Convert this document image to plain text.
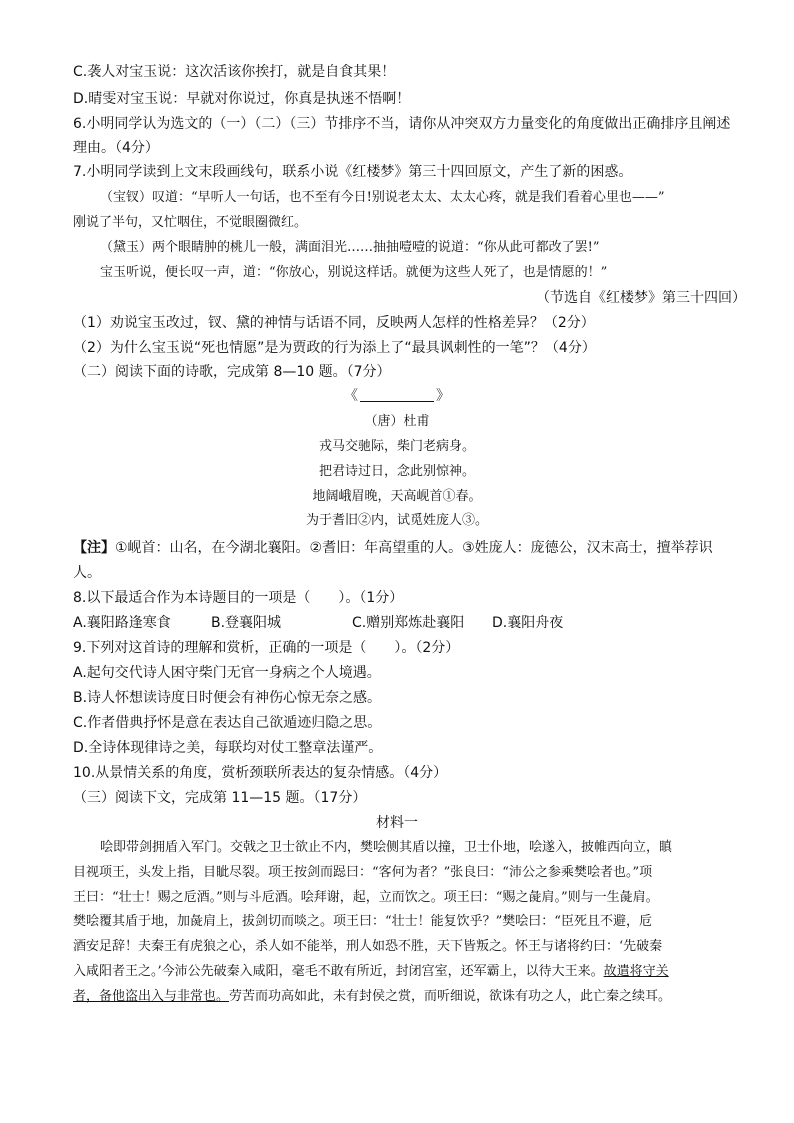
C.袭人对宝玉说：这次活该你挨打，就是自食其果！
D.晴雯对宝玉说：早就对你说过，你真是执迷不悟啊！
6.小明同学认为选文的（一）（二）（三）节排序不当，请你从冲突双方力量变化的角度做出正确排序且阐述
理由。（4分）
7.小明同学读到上文末段画线句，联系小说《红楼梦》第三十四回原文，产生了新的困惑。
（宝钗）叹道：“早听人一句话，也不至有今日!别说老太太、太太心疼，就是我们看着心里也——”
刚说了半句，又忙咽住，不觉眼圈微红。
（黛玉）两个眼睛肿的桃儿一般，满面泪光……抽抽噎噎的说道：“你从此可都改了罢!”
宝玉听说，便长叹一声，道：“你放心，别说这样话。就便为这些人死了，也是情愿的！”
（节选自《红楼梦》第三十四回）
（1）劝说宝玉改过，钗、黛的神情与话语不同，反映两人怎样的性格差异？（2分）
（2）为什么宝玉说“死也情愿”是为贾政的行为添上了“最具讽刺性的一笔”？（4分）
（二）阅读下面的诗歌，完成第 8—10 题。（7分）
《	》
（唐）杜甫
戎马交驰际，柴门老病身。
把君诗过日，念此别惊神。
地阔峨眉晚，天高岘首①春。
为于耆旧②内，试觅姓庞人③。
【注】①岘首：山名，在今湖北襄阳。②耆旧：年高望重的人。③姓庞人：庞德公，汉末高士，擅举荐识
人。
8.以下最适合作为本诗题目的一项是（　　）。（1分）
A.襄阳路逢寒食	B.登襄阳城	C.赠别郑炼赴襄阳 D.襄阳舟夜
9.下列对这首诗的理解和赏析，正确的一项是（　　）。（2分）
A.起句交代诗人困守柴门无官一身病之个人境遇。
B.诗人怀想读诗度日时便会有神伤心惊无奈之感。
C.作者借典抒怀是意在表达自己欲遁迹归隐之思。
D.全诗体现律诗之美，每联均对仗工整章法谨严。
10.从景情关系的角度，赏析颈联所表达的复杂情感。（4分）
（三）阅读下文，完成第 11—15 题。（17分）
材料一
哙即带剑拥盾入军门。交戟之卫士欲止不内，樊哙侧其盾以撞，卫士仆地，哙遂入，披帷西向立，瞋
目视项王，头发上指，目眦尽裂。项王按剑而跽曰：“客何为者？”张良曰：“沛公之参乘樊哙者也。”项
王曰：“壮士！赐之卮酒。”则与斗卮酒。哙拜谢，起，立而饮之。项王曰：“赐之彘肩。”则与一生彘肩。
樊哙覆其盾于地，加彘肩上，拔剑切而啖之。项王曰：“壮士！能复饮乎？”樊哙曰：“臣死且不避，卮
酒安足辞！夫秦王有虎狼之心，杀人如不能举，刑人如恐不胜，天下皆叛之。怀王与诸将约曰：‘先破秦
入咸阳者王之。’今沛公先破秦入咸阳，毫毛不敢有所近，封闭宫室，还军霸上，以待大王来。故遣将守关
者，备他盗出入与非常也。劳苦而功高如此，未有封侯之赏，而听细说，欲诛有功之人，此亡秦之续耳。
